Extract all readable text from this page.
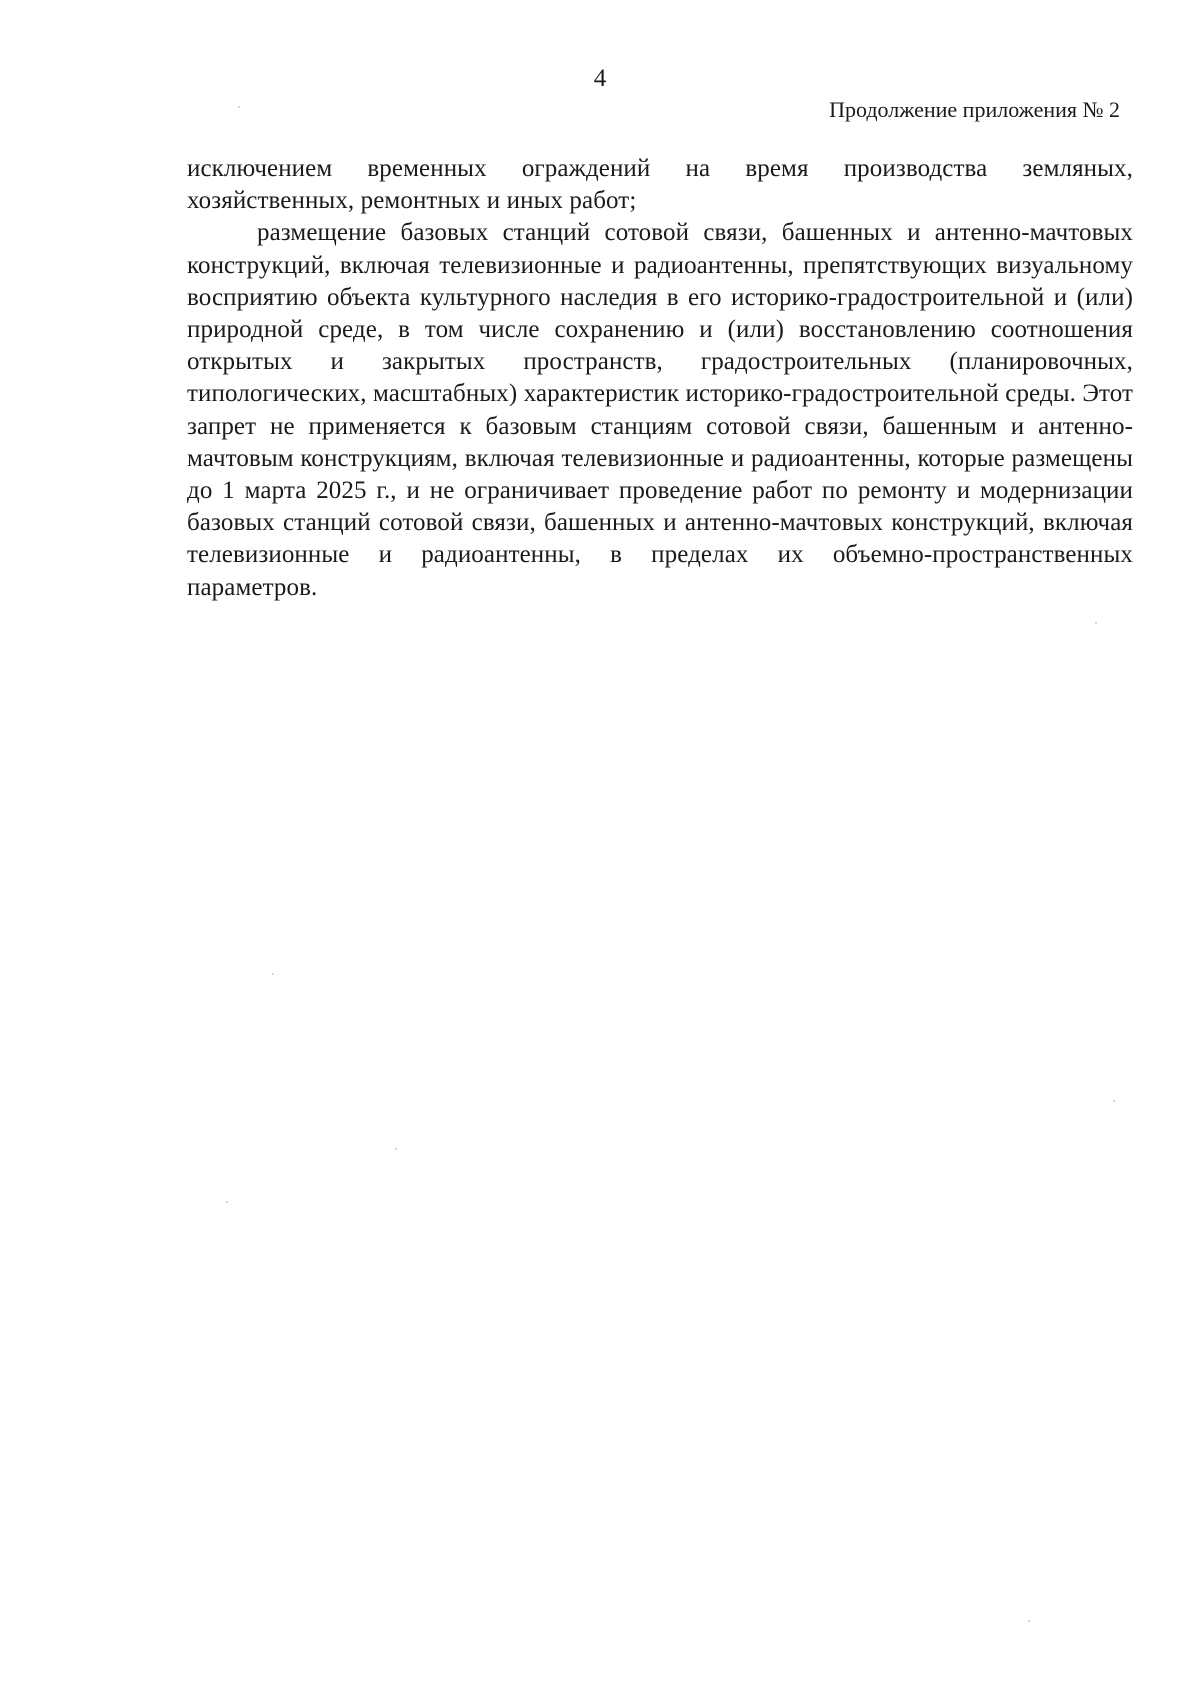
4
Продолжение приложения № 2

исключением временных ограждений на время производства земляных, хозяйственных, ремонтных и иных работ;

размещение базовых станций сотовой связи, башенных и антенно-мачтовых конструкций, включая телевизионные и радиоантенны, препятствующих визуальному восприятию объекта культурного наследия в его историко-градостроительной и (или) природной среде, в том числе сохранению и (или) восстановлению соотношения открытых и закрытых пространств, градостроительных (планировочных, типологических, масштабных) характеристик историко-градостроительной среды. Этот запрет не применяется к базовым станциям сотовой связи, башенным и антенно-мачтовым конструкциям, включая телевизионные и радиоантенны, которые размещены до 1 марта 2025 г., и не ограничивает проведение работ по ремонту и модернизации базовых станций сотовой связи, башенных и антенно-мачтовых конструкций, включая телевизионные и радиоантенны, в пределах их объемно-пространственных параметров.
